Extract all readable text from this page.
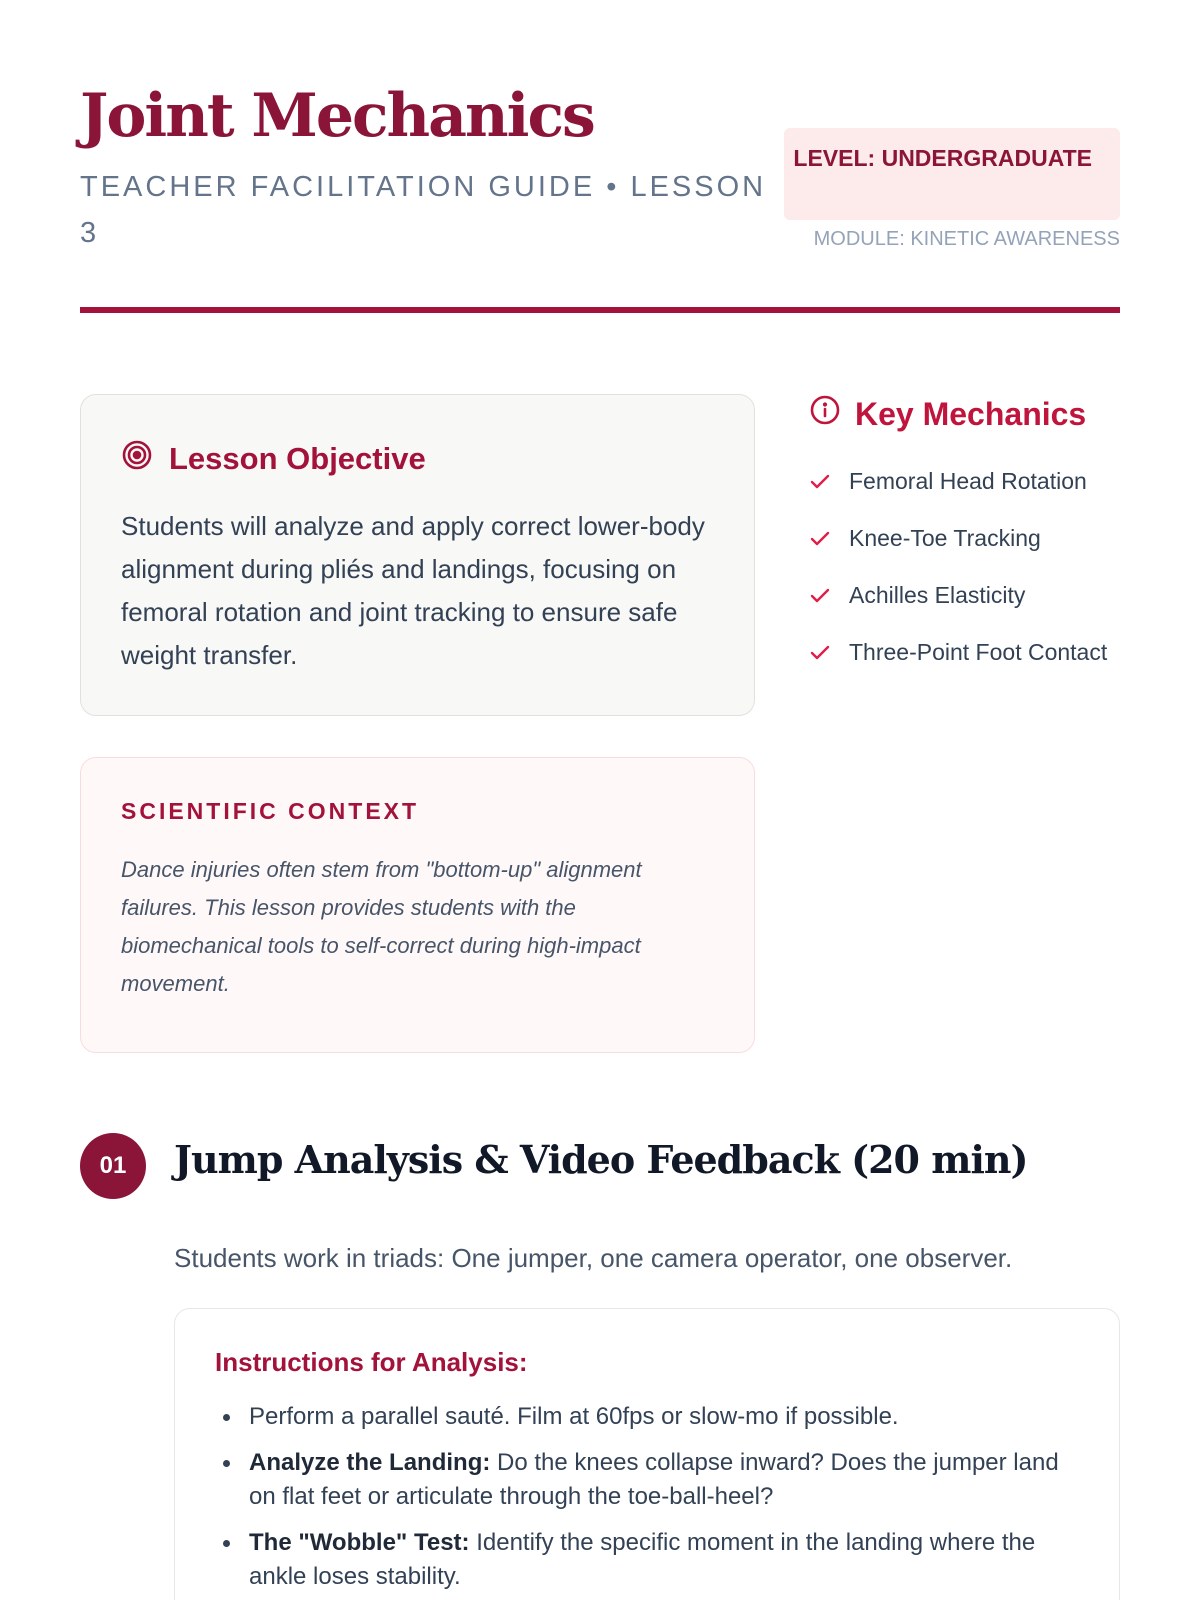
Joint Mechanics
TEACHER FACILITATION GUIDE • LESSON 3
LEVEL: UNDERGRADUATE
MODULE: KINETIC AWARENESS
Lesson Objective

Students will analyze and apply correct lower-body alignment during pliés and landings, focusing on femoral rotation and joint tracking to ensure safe weight transfer.

SCIENTIFIC CONTEXT

Dance injuries often stem from "bottom-up" alignment failures. This lesson provides students with the biomechanical tools to self-correct during high-impact movement.

Key Mechanics
Femoral Head Rotation
Knee-Toe Tracking
Achilles Elasticity
Three-Point Foot Contact
01	Jump Analysis & Video Feedback (20 min)

Students work in triads: One jumper, one camera operator, one observer.

Instructions for Analysis:
Perform a parallel sauté. Film at 60fps or slow-mo if possible.
Analyze the Landing: Do the knees collapse inward? Does the jumper land on flat feet or articulate through the toe-ball-heel?
The "Wobble" Test: Identify the specific moment in the landing where the ankle loses stability.
